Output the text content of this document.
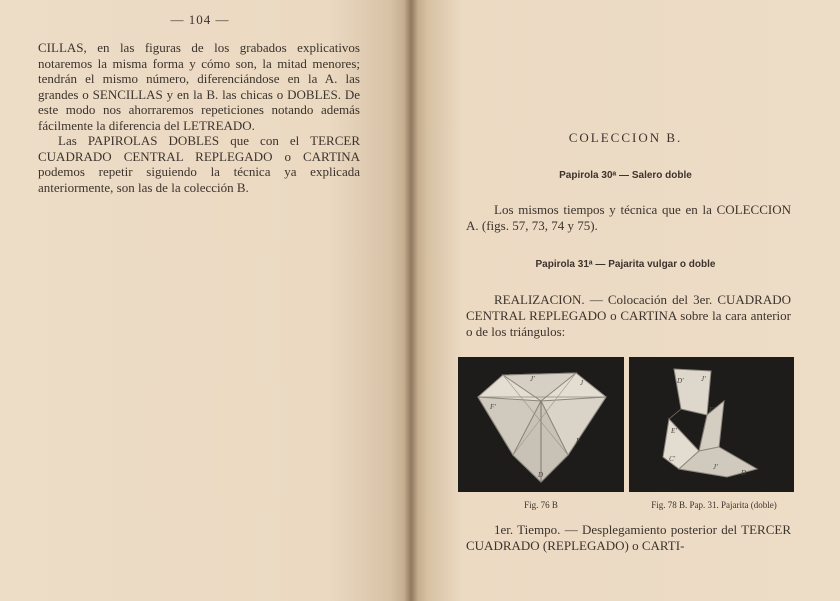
— 104 —

CILLAS, en las figuras de los grabados explicativos notaremos la misma forma y cómo son, la mitad menores; tendrán el mismo número, diferenciándose en la A. las grandes o SENCILLAS y en la B. las chicas o DOBLES. De este modo nos ahorraremos repeticiones notando además fácilmente la diferencia del LETREADO.

Las PAPIROLAS DOBLES que con el TERCER CUADRADO CENTRAL REPLEGADO o CARTINA podemos repetir siguiendo la técnica ya explicada anteriormente, son las de la colección B.

COLECCION B.
Papirola 30ᵃ — Salero doble

Los mismos tiempos y técnica que en la COLECCION A. (figs. 57, 73, 74 y 75).

Papirola 31ᵃ — Pajarita vulgar o doble

REALIZACION. — Colocación del 3er. CUADRADO CENTRAL REPLEGADO o CARTINA sobre la cara anterior o de los triángulos:

J'	J
F'
F
D
Fig. 76 B
D' J'
F'
E'
C'
J'
D
Fig. 78 B. Pap. 31. Pajarita (doble)

1er. Tiempo. — Desplegamiento posterior del TERCER CUADRADO (REPLEGADO) o CARTI-
